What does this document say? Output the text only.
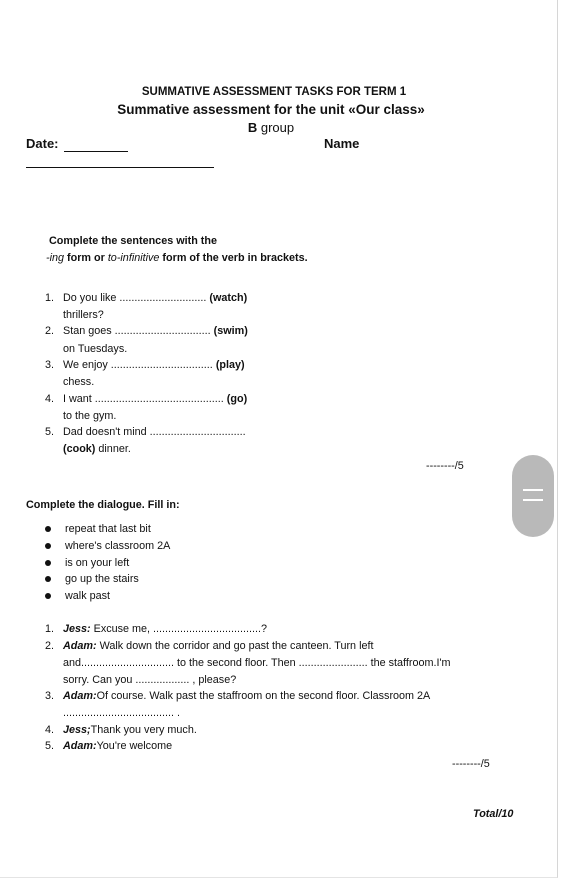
SUMMATIVE ASSESSMENT TASKS FOR TERM 1
Summative assessment for the unit «Our class»
B group
Date:	Name
Complete the sentences with the
-ing form or to-infinitive form of the verb in brackets.
1. Do you like ............................. (watch)
thrillers?
2. Stan goes ................................ (swim)
on Tuesdays.
3. We enjoy .................................. (play)
chess.
4. I want ........................................... (go)
to the gym.
5. Dad doesn't mind ................................
(cook) dinner.
--------/5
Complete the dialogue. Fill in:
repeat that last bit
where's classroom 2A
is on your left
go up the stairs
walk past
1. Jess: Excuse me, ....................................?
2. Adam: Walk down the corridor and go past the canteen. Turn left
and............................... to the second floor. Then ....................... the staffroom.I'm
sorry. Can you .................. , please?
3. Adam:Of course. Walk past the staffroom on the second floor. Classroom 2A
..................................... .
4. Jess;Thank you very much.
5. Adam:You're welcome
--------/5
Total/10
